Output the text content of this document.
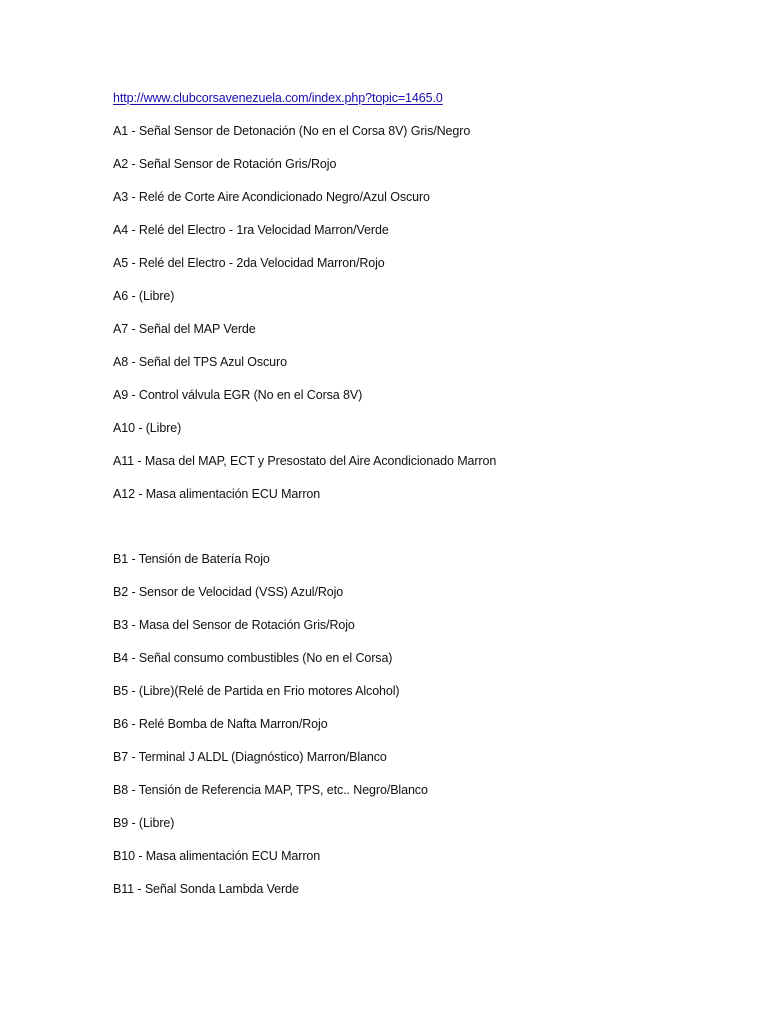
http://www.clubcorsavenezuela.com/index.php?topic=1465.0
A1 - Señal Sensor de Detonación (No en el Corsa 8V) Gris/Negro
A2 - Señal Sensor de Rotación Gris/Rojo
A3 - Relé de Corte Aire Acondicionado Negro/Azul Oscuro
A4 - Relé del Electro - 1ra Velocidad Marron/Verde
A5 - Relé del Electro - 2da Velocidad Marron/Rojo
A6 - (Libre)
A7 - Señal del MAP Verde
A8 - Señal del TPS Azul Oscuro
A9 - Control válvula EGR (No en el Corsa 8V)
A10 - (Libre)
A11 - Masa del MAP, ECT y Presostato del Aire Acondicionado Marron
A12 - Masa alimentación ECU Marron
B1 - Tensión de Batería Rojo
B2 - Sensor de Velocidad (VSS) Azul/Rojo
B3 - Masa del Sensor de Rotación Gris/Rojo
B4 - Señal consumo combustibles (No en el Corsa)
B5 - (Libre)(Relé de Partida en Frio motores Alcohol)
B6 - Relé Bomba de Nafta Marron/Rojo
B7 - Terminal J ALDL (Diagnóstico) Marron/Blanco
B8 - Tensión de Referencia MAP, TPS, etc.. Negro/Blanco
B9 - (Libre)
B10 - Masa alimentación ECU Marron
B11 - Señal Sonda Lambda Verde
